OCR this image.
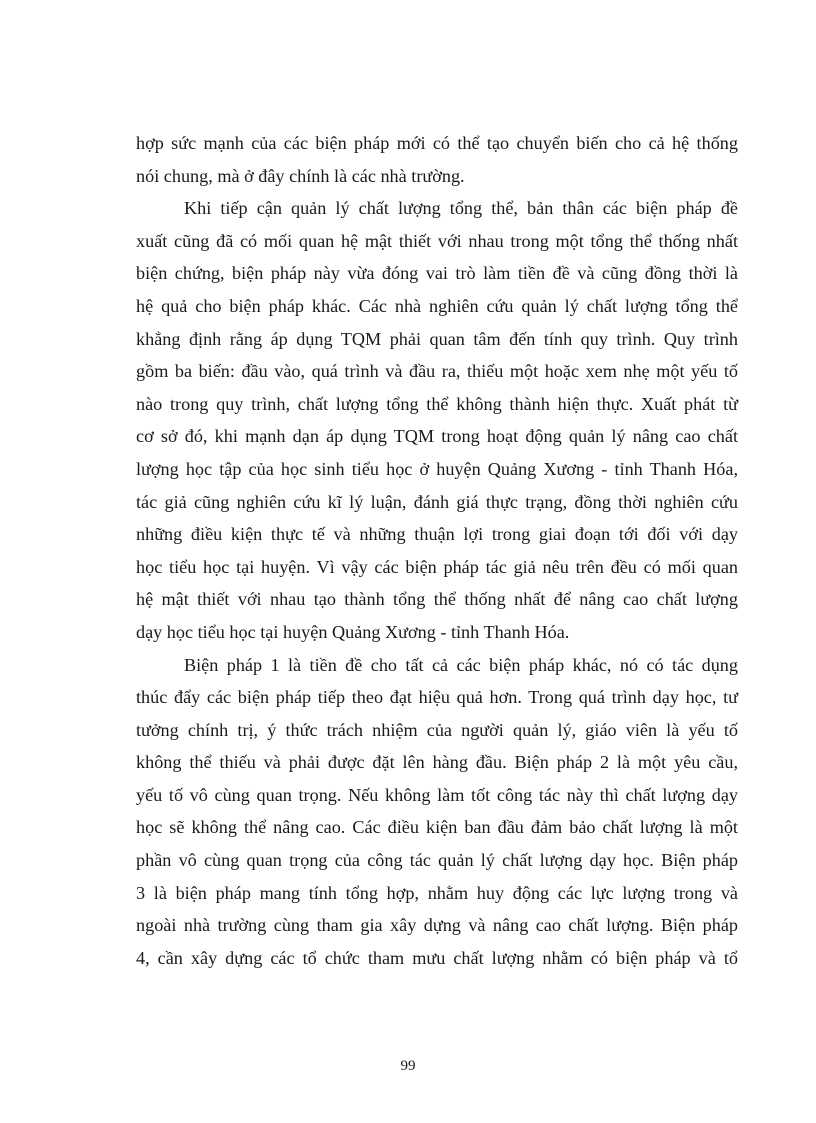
hợp sức mạnh của các biện pháp mới có thể tạo chuyển biến cho cả hệ thống
nói chung, mà ở đây chính là các nhà trường.
Khi tiếp cận quản lý chất lượng tổng thể, bản thân các biện pháp đề
xuất cũng đã có mối quan hệ mật thiết với nhau trong một tổng thể thống nhất
biện chứng, biện pháp này vừa đóng vai trò làm tiền đề và cũng đồng thời là
hệ quả cho biện pháp khác. Các nhà nghiên cứu quản lý chất lượng tổng thể
khẳng định rằng áp dụng TQM phải quan tâm đến tính quy trình. Quy trình
gồm ba biến: đầu vào, quá trình và đầu ra, thiếu một hoặc xem nhẹ một yếu tố
nào trong quy trình, chất lượng tổng thể không thành hiện thực. Xuất phát từ
cơ sở đó, khi mạnh dạn áp dụng TQM trong hoạt động quản lý nâng cao chất
lượng học tập của học sinh tiểu học ở huyện Quảng Xương - tỉnh Thanh Hóa,
tác giả cũng nghiên cứu kĩ lý luận, đánh giá thực trạng, đồng thời nghiên cứu
những điều kiện thực tế và những thuận lợi trong giai đoạn tới đối với dạy
học tiểu học tại huyện. Vì vậy các biện pháp tác giả nêu trên đều có mối quan
hệ mật thiết với nhau tạo thành tổng thể thống nhất để nâng cao chất lượng
dạy học tiểu học tại huyện Quảng Xương - tỉnh Thanh Hóa.
Biện pháp 1 là tiền đề cho tất cả các biện pháp khác, nó có tác dụng
thúc đẩy các biện pháp tiếp theo đạt hiệu quả hơn. Trong quá trình dạy học, tư
tưởng chính trị, ý thức trách nhiệm của người quản lý, giáo viên là yếu tố
không thể thiếu và phải được đặt lên hàng đầu. Biện pháp 2 là một yêu cầu,
yếu tố vô cùng quan trọng. Nếu không làm tốt công tác này thì chất lượng dạy
học sẽ không thể nâng cao. Các điều kiện ban đầu đảm bảo chất lượng là một
phần vô cùng quan trọng của công tác quản lý chất lượng dạy học. Biện pháp
3 là biện pháp mang tính tổng hợp, nhằm huy động các lực lượng trong và
ngoài nhà trường cùng tham gia xây dựng và nâng cao chất lượng. Biện pháp
4, cần xây dựng các tổ chức tham mưu chất lượng nhằm có biện pháp và tổ
99
